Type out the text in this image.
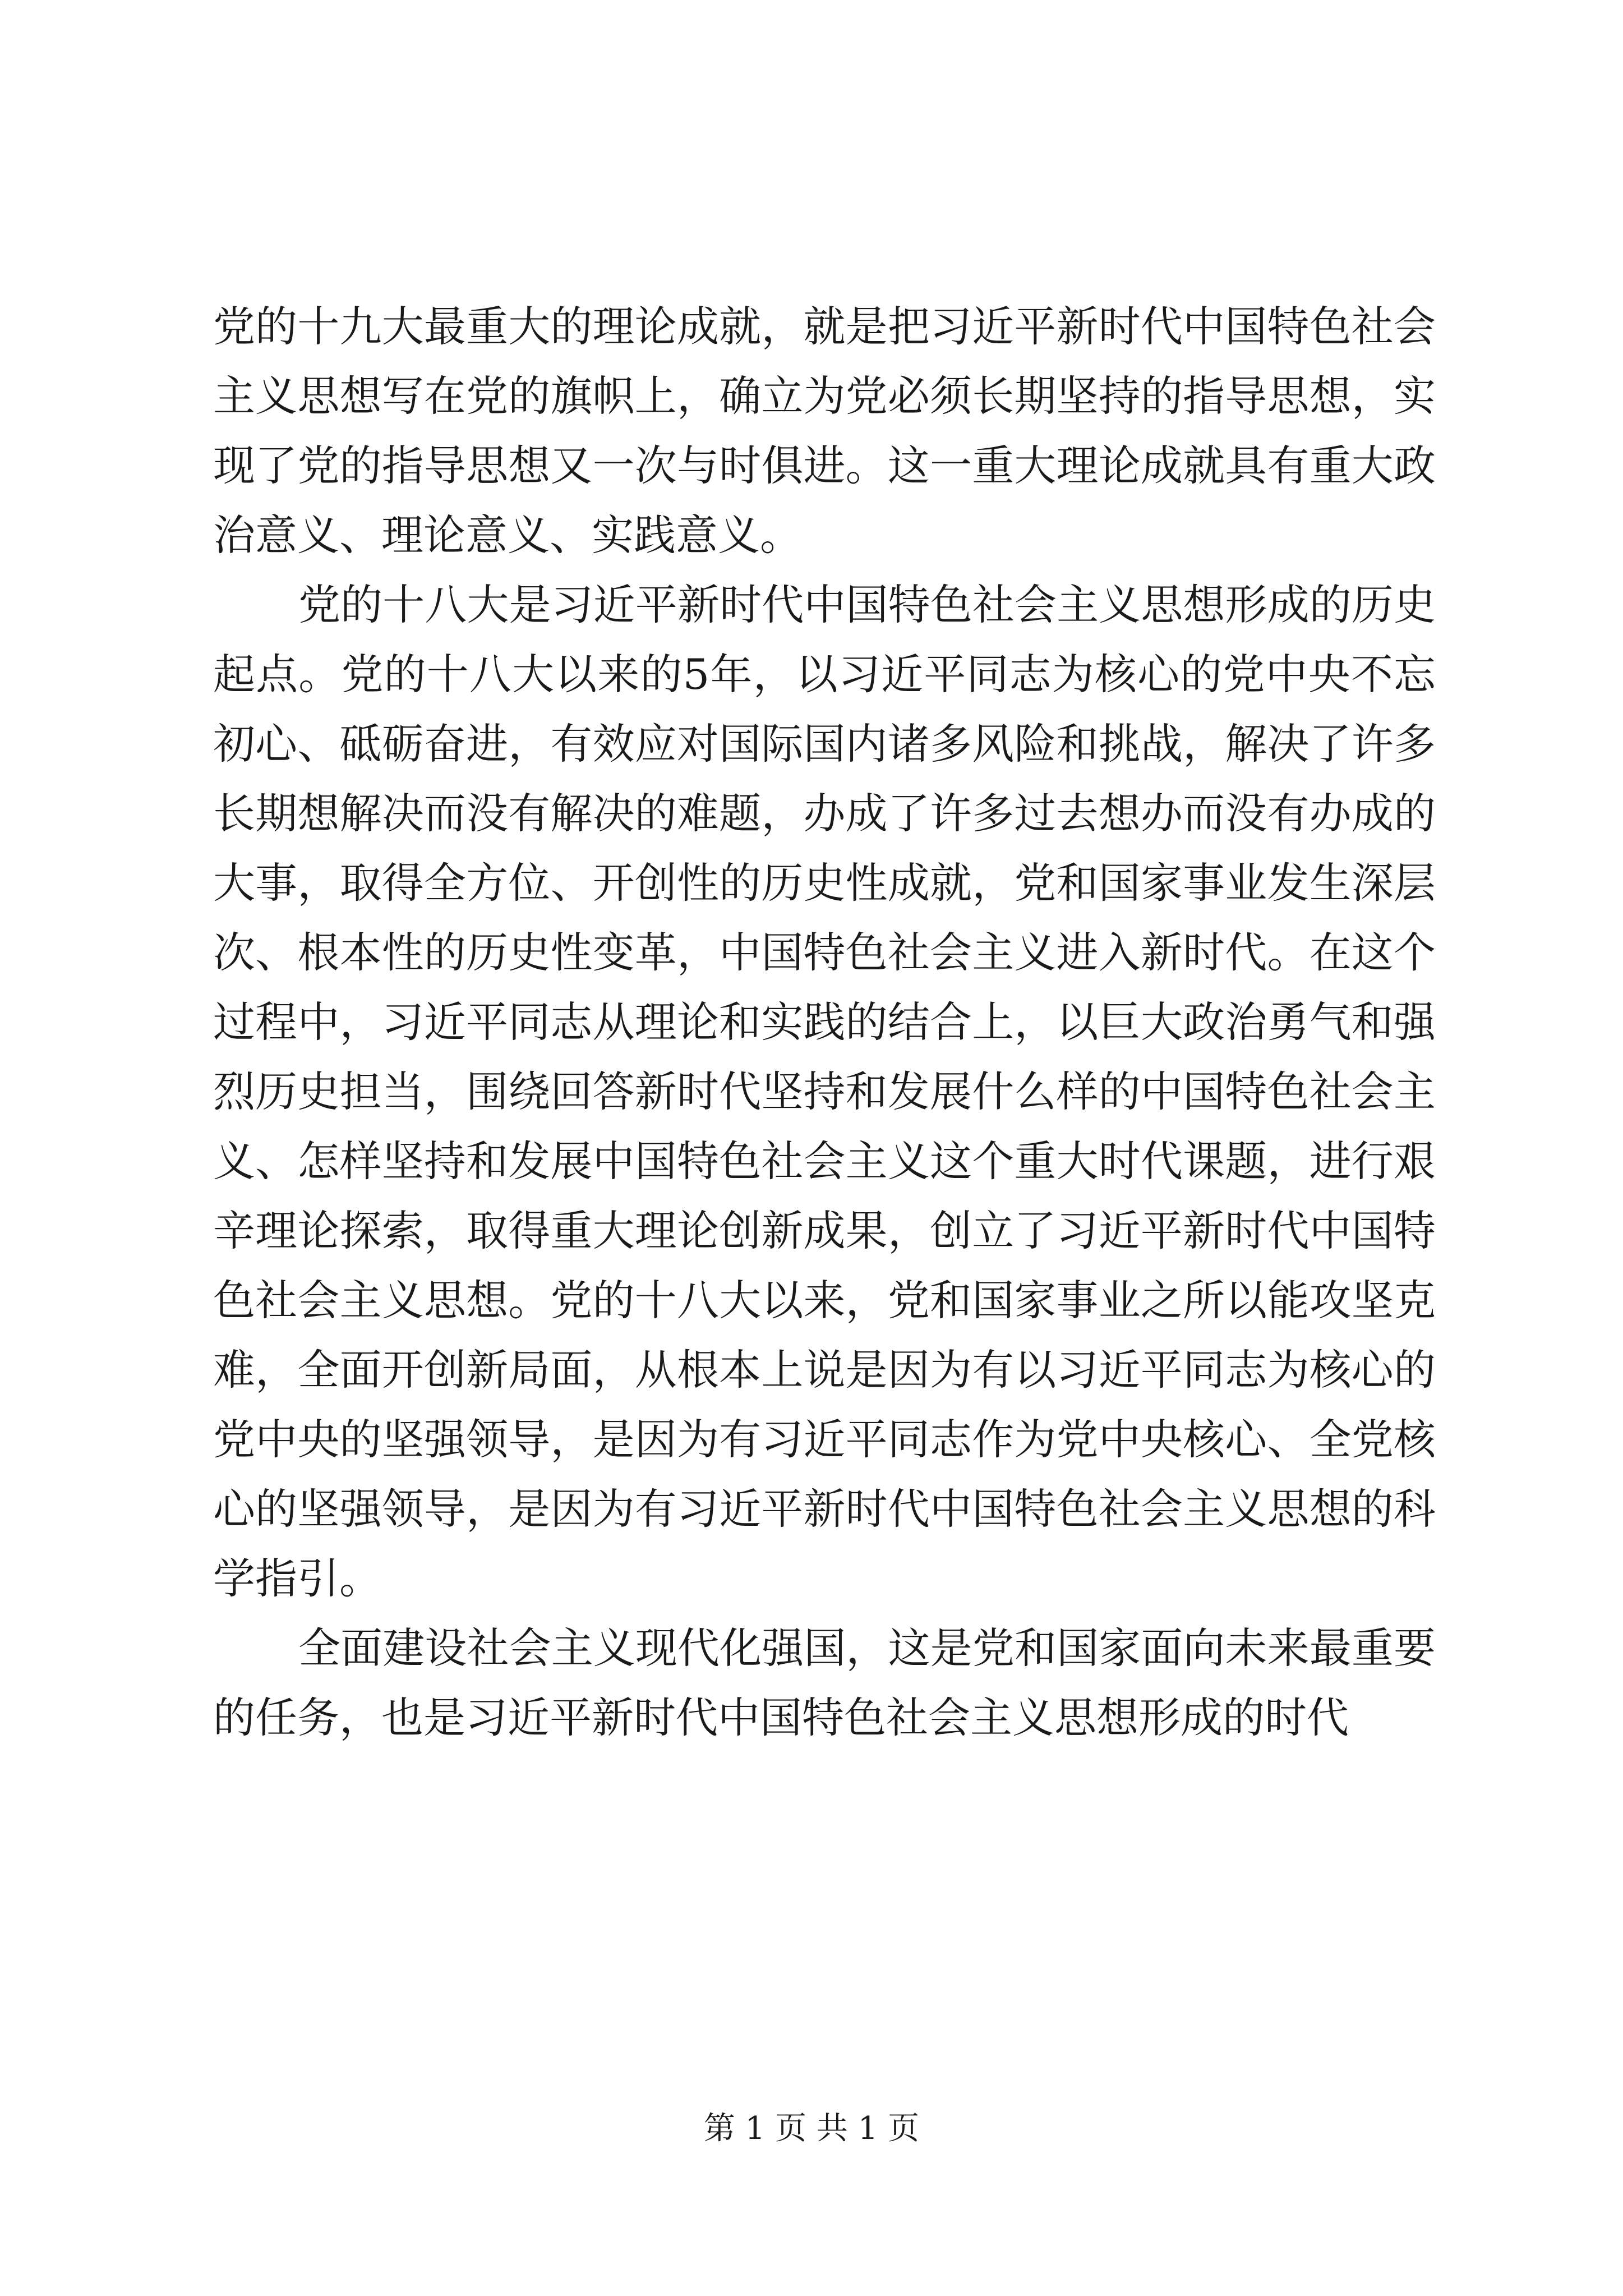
党的十九大最重大的理论成就，就是把习近平新时代中国特色社会主义思想写在党的旗帜上，确立为党必须长期坚持的指导思想，实现了党的指导思想又一次与时俱进。这一重大理论成就具有重大政治意义、理论意义、实践意义。

党的十八大是习近平新时代中国特色社会主义思想形成的历史起点。党的十八大以来的5年，以习近平同志为核心的党中央不忘初心、砥砺奋进，有效应对国际国内诸多风险和挑战，解决了许多长期想解决而没有解决的难题，办成了许多过去想办而没有办成的大事，取得全方位、开创性的历史性成就，党和国家事业发生深层次、根本性的历史性变革，中国特色社会主义进入新时代。在这个过程中，习近平同志从理论和实践的结合上，以巨大政治勇气和强烈历史担当，围绕回答新时代坚持和发展什么样的中国特色社会主义、怎样坚持和发展中国特色社会主义这个重大时代课题，进行艰辛理论探索，取得重大理论创新成果，创立了习近平新时代中国特色社会主义思想。党的十八大以来，党和国家事业之所以能攻坚克难，全面开创新局面，从根本上说是因为有以习近平同志为核心的党中央的坚强领导，是因为有习近平同志作为党中央核心、全党核心的坚强领导，是因为有习近平新时代中国特色社会主义思想的科学指引。

全面建设社会主义现代化强国，这是党和国家面向未来最重要的任务，也是习近平新时代中国特色社会主义思想形成的时代

第 1 页 共 1 页
